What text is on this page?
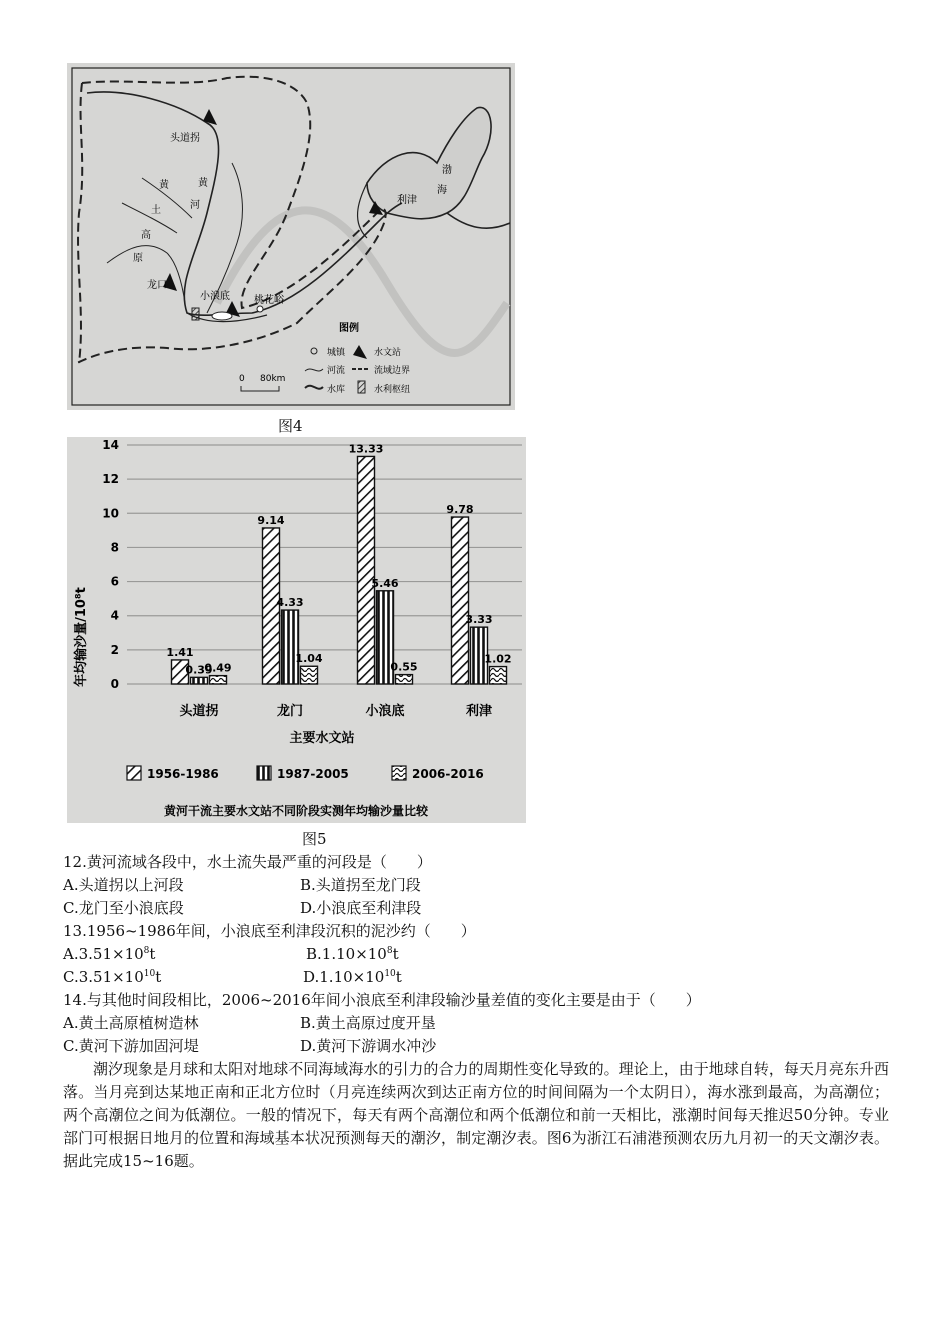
头道拐
黄
土
高
原
黄
河
龙口
小浪底 桃花峪
渤
海
利津
图例
城镇	水文站
河流	流域边界
水库	水利枢纽
0 80km
图4
0
2
4
6
8
10
12
14
头道拐	龙门	小浪底	利津
1.41
0.39
0.49
9.14
4.33
1.04
13.33
5.46
0.55
9.78
3.33
1.02
年均输沙量/10⁸t
主要水文站
1956-1986	1987-2005	2006-2016
黄河干流主要水文站不同阶段实测年均输沙量比较
图5
12.黄河流域各段中，水土流失最严重的河段是（　　）
A.头道拐以上河段	B.头道拐至龙门段
C.龙门至小浪底段	D.小浪底至利津段
13.1956~1986年间，小浪底至利津段沉积的泥沙约（　　）
$A.3.51\times 10^8t$	$B.1.10\times 10^8t$
$C.3.51\times 10^{10}t$	$D.1.10\times 10^{10}t$
14.与其他时间段相比，2006~2016年间小浪底至利津段输沙量差值的变化主要是由于（　　）
A.黄土高原植树造林	B.黄土高原过度开垦
C.黄河下游加固河堤	D.黄河下游调水冲沙
潮汐现象是月球和太阳对地球不同海域海水的引力的合力的周期性变化导致的。理论上，由于地球自转，每天月亮东升西落。当月亮到达某地正南和正北方位时（月亮连续两次到达正南方位的时间间隔为一个太阴日），海水涨到最高，为高潮位；两个高潮位之间为低潮位。一般的情况下，每天有两个高潮位和两个低潮位和前一天相比，涨潮时间每天推迟50分钟。专业部门可根据日地月的位置和海域基本状况预测每天的潮汐，制定潮汐表。图6为浙江石浦港预测农历九月初一的天文潮汐表。据此完成15~16题。
